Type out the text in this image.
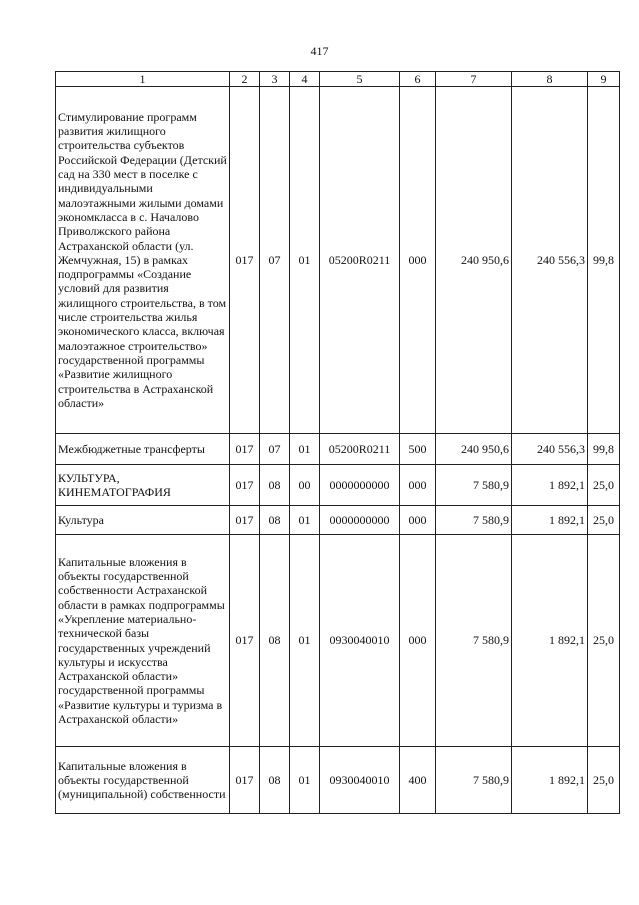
417
1	2	3	4	5	6	7	8	9
Стимулирование программ развития жилищного строительства субъектов Российской Федерации (Детский сад на 330 мест в поселке с индивидуальными малоэтажными жилыми домами экономкласса в с. Началово Приволжского района Астраханской области (ул. Жемчужная, 15) в рамках подпрограммы «Создание условий для развития жилищного строительства, в том числе строительства жилья экономического класса, включая малоэтажное строительство» государственной программы «Развитие жилищного строительства в Астраханской области»	017	07	01	05200R0211	000	240 950,6	240 556,3	99,8
Межбюджетные трансферты	017	07	01	05200R0211	500	240 950,6	240 556,3	99,8
КУЛЬТУРА, КИНЕМАТОГРАФИЯ	017	08	00	0000000000	000	7 580,9	1 892,1	25,0
Культура	017	08	01	0000000000	000	7 580,9	1 892,1	25,0
Капитальные вложения в объекты государственной собственности Астраханской области в рамках подпрограммы «Укрепление материально-технической базы государственных учреждений культуры и искусства Астраханской области» государственной программы «Развитие культуры и туризма в Астраханской области»	017	08	01	0930040010	000	7 580,9	1 892,1	25,0
Капитальные вложения в объекты государственной (муниципальной) собственности	017	08	01	0930040010	400	7 580,9	1 892,1	25,0
